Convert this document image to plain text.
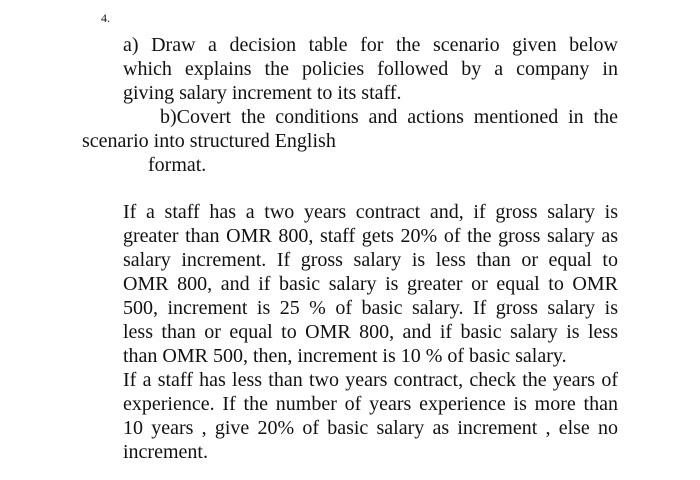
4.
a) Draw a decision table for the scenario given below
which explains the policies followed by a company in
giving salary increment to its staff.
b)Covert the conditions and actions mentioned in the
scenario into structured English
format.
If a staff has a two years contract and, if gross salary is
greater than OMR 800, staff gets 20% of the gross salary as
salary increment. If gross salary is less than or equal to
OMR 800, and if basic salary is greater or equal to OMR
500, increment is 25 % of basic salary. If gross salary is
less than or equal to OMR 800, and if basic salary is less
than OMR 500, then, increment is 10 % of basic salary.
If a staff has less than two years contract, check the years of
experience. If the number of years experience is more than
10 years , give 20% of basic salary as increment , else no
increment.
